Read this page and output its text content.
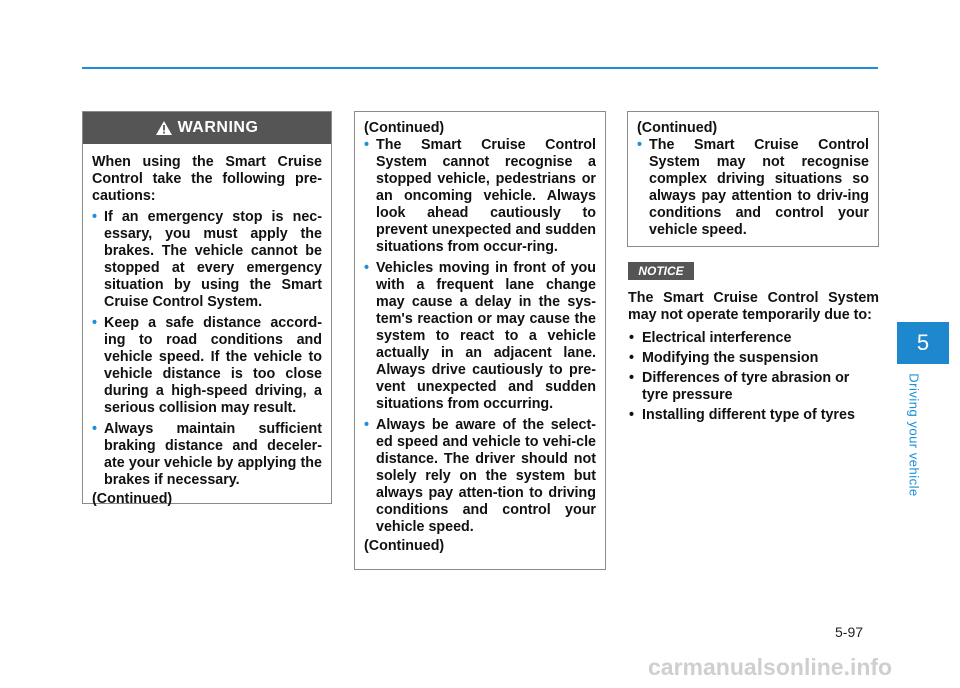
WARNING

When using the Smart Cruise Control take the following pre-cautions:

• If an emergency stop is nec-essary, you must apply the brakes. The vehicle cannot be stopped at every emergency situation by using the Smart Cruise Control System.
• Keep a safe distance accord-ing to road conditions and vehicle speed. If the vehicle to vehicle distance is too close during a high-speed driving, a serious collision may result.
• Always maintain sufficient braking distance and deceler-ate your vehicle by applying the brakes if necessary.

(Continued)

(Continued)

• The Smart Cruise Control System cannot recognise a stopped vehicle, pedestrians or an oncoming vehicle. Always look ahead cautiously to prevent unexpected and sudden situations from occur-ring.
• Vehicles moving in front of you with a frequent lane change may cause a delay in the sys-tem's reaction or may cause the system to react to a vehicle actually in an adjacent lane. Always drive cautiously to pre-vent unexpected and sudden situations from occurring.
• Always be aware of the select-ed speed and vehicle to vehi-cle distance. The driver should not solely rely on the system but always pay atten-tion to driving conditions and control your vehicle speed.

(Continued)

(Continued)

• The Smart Cruise Control System may not recognise complex driving situations so always pay attention to driv-ing conditions and control your vehicle speed.
NOTICE

The Smart Cruise Control System may not operate temporarily due to:

• Electrical interference
• Modifying the suspension
• Differences of tyre abrasion or tyre pressure
• Installing different type of tyres
5
Driving your vehicle
5-97
carmanualsonline.info
